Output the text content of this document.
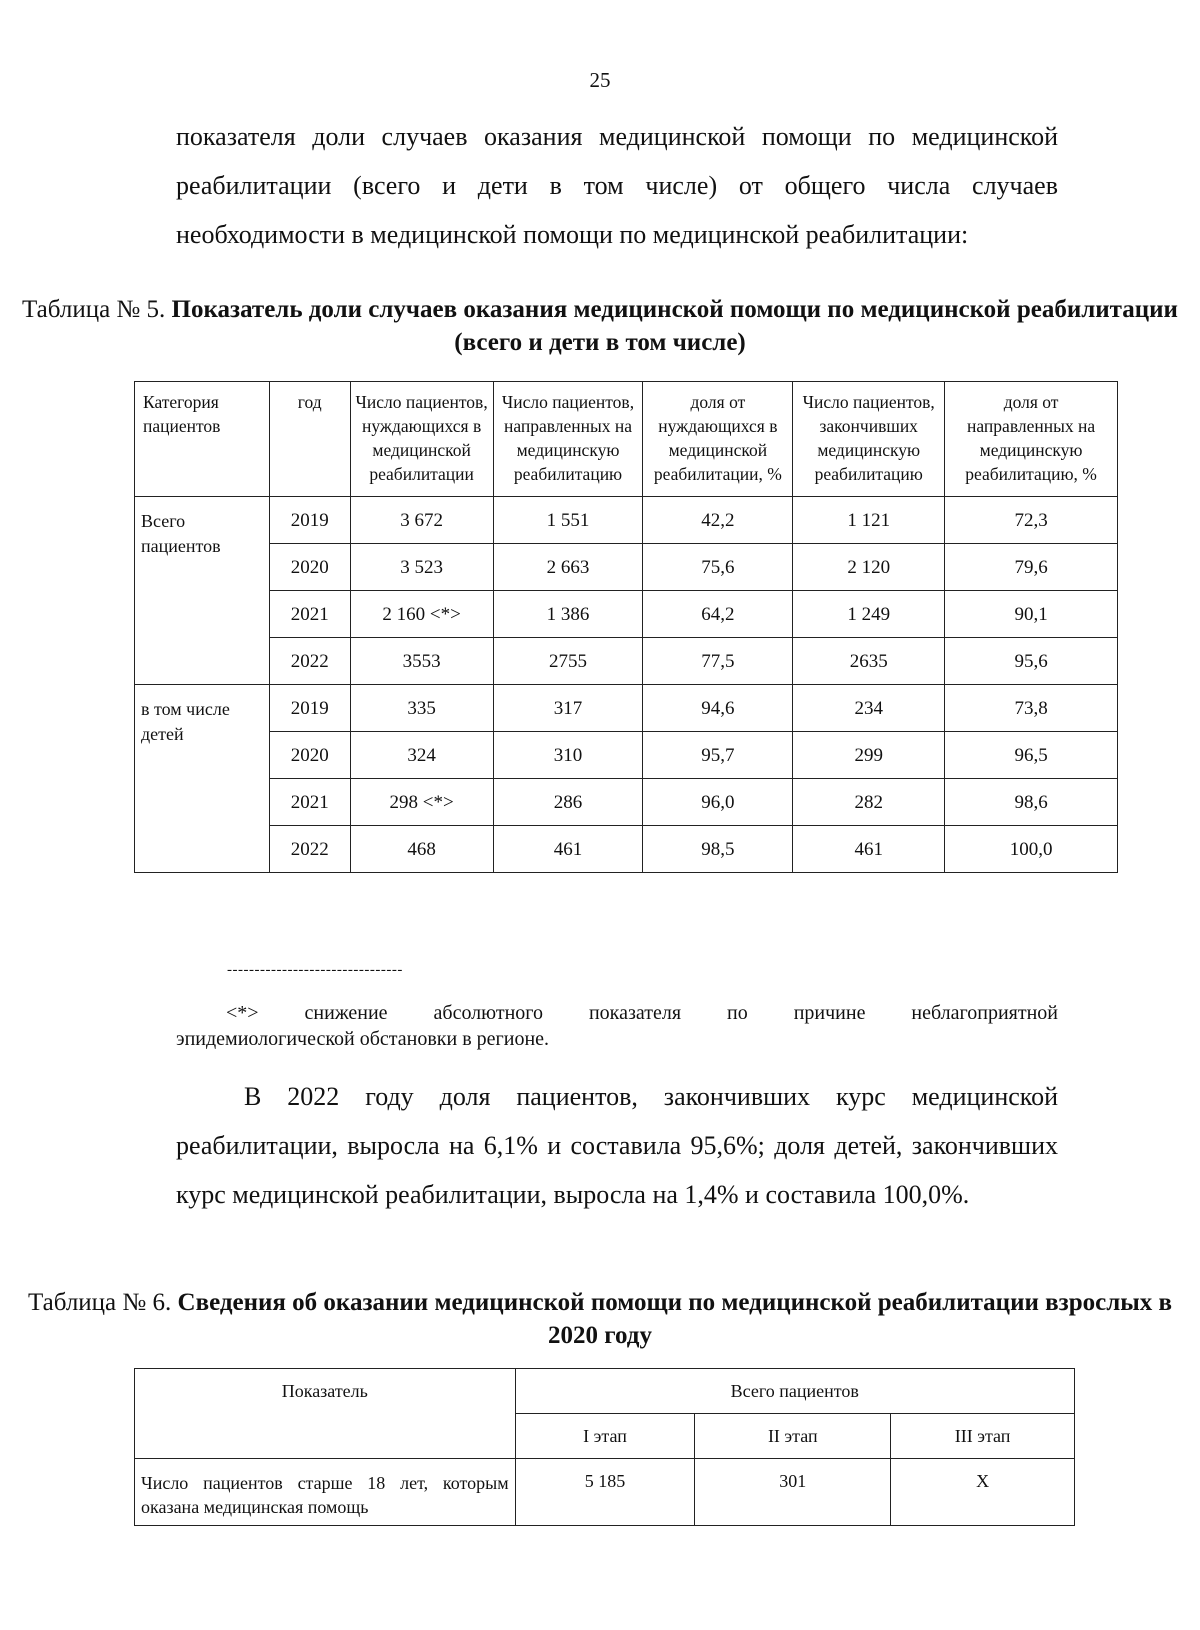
25

показателя доли случаев оказания медицинской помощи по медицинской реабилитации (всего и дети в том числе) от общего числа случаев необходимости в медицинской помощи по медицинской реабилитации:

Таблица № 5. Показатель доли случаев оказания медицинской помощи по медицинской реабилитации (всего и дети в том числе)
Категория пациентов	год	Число пациентов, нуждающихся в медицинской реабилитации	Число пациентов, направленных на медицинскую реабилитацию	доля от нуждающихся в медицинской реабилитации, %	Число пациентов, закончивших медицинскую реабилитацию	доля от направленных на медицинскую реабилитацию, %
Всего пациентов	2019	3 672	1 551	42,2	1 121	72,3
	2020	3 523	2 663	75,6	2 120	79,6
	2021	2 160 <*>	1 386	64,2	1 249	90,1
	2022	3553	2755	77,5	2635	95,6
в том числе детей	2019	335	317	94,6	234	73,8
	2020	324	310	95,7	299	96,5
	2021	298 <*>	286	96,0	282	98,6
	2022	468	461	98,5	461	100,0
--------------------------------

<*> снижение абсолютного показателя по причине неблагоприятной
эпидемиологической обстановки в регионе.

В 2022 году доля пациентов, закончивших курс медицинской реабилитации, выросла на 6,1% и составила 95,6%; доля детей, закончивших курс медицинской реабилитации, выросла на 1,4% и составила 100,0%.

Таблица № 6. Сведения об оказании медицинской помощи по медицинской реабилитации взрослых в 2020 году
Показатель	Всего пациентов		
	I этап	II этап	III этап
Число пациентов старше 18 лет, которым оказана медицинская помощь	5 185	301	X
